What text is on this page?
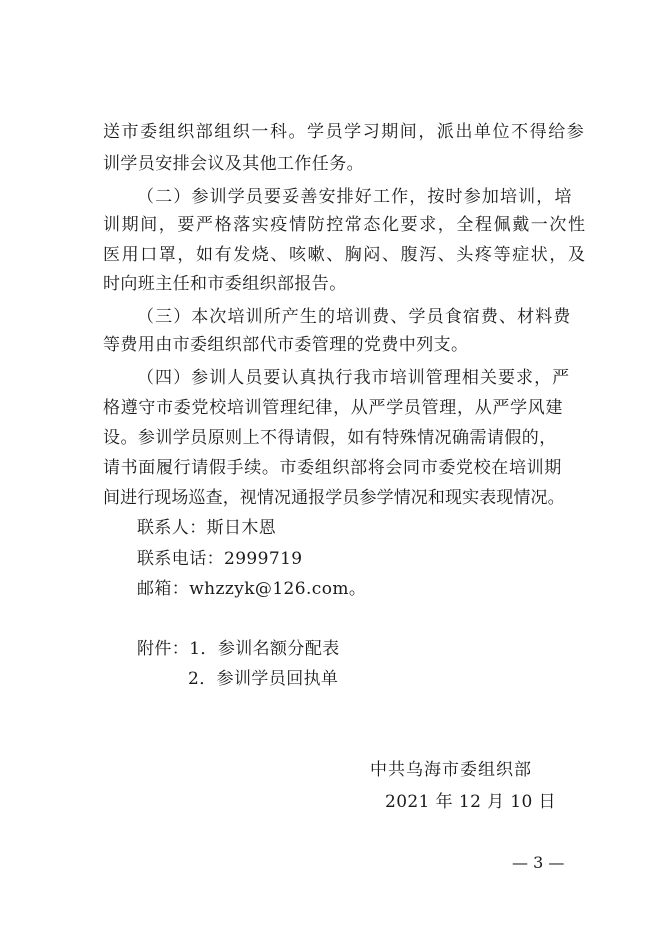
送市委组织部组织一科。学员学习期间，派出单位不得给参
训学员安排会议及其他工作任务。
（二）参训学员要妥善安排好工作，按时参加培训，培
训期间，要严格落实疫情防控常态化要求，全程佩戴一次性
医用口罩，如有发烧、咳嗽、胸闷、腹泻、头疼等症状，及
时向班主任和市委组织部报告。
（三）本次培训所产生的培训费、学员食宿费、材料费
等费用由市委组织部代市委管理的党费中列支。
（四）参训人员要认真执行我市培训管理相关要求，严
格遵守市委党校培训管理纪律，从严学员管理，从严学风建
设。参训学员原则上不得请假，如有特殊情况确需请假的，
请书面履行请假手续。市委组织部将会同市委党校在培训期
间进行现场巡查，视情况通报学员参学情况和现实表现情况。
联系人：斯日木恩
联系电话：2999719
邮箱：whzzyk@126.com。
附件：1．参训名额分配表
2．参训学员回执单
中共乌海市委组织部
2021 年 12 月 10 日
— 3 —
